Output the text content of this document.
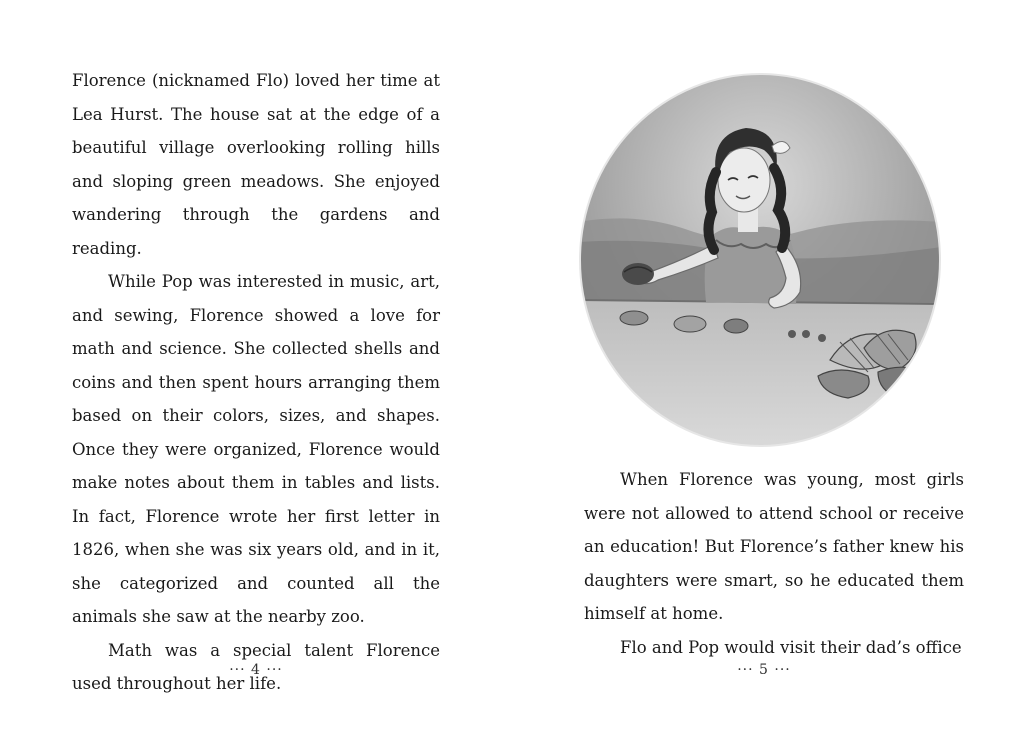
Florence (nicknamed Flo) loved her time at Lea Hurst. The house sat at the edge of a beautiful village overlooking rolling hills and sloping green meadows. She enjoyed wandering through the gardens and reading.

While Pop was interested in music, art, and sewing, Florence showed a love for math and science. She collected shells and coins and then spent hours arranging them based on their colors, sizes, and shapes. Once they were organized, Florence would make notes about them in tables and lists. In fact, Florence wrote her first letter in 1826, when she was six years old, and in it, she categorized and counted all the animals she saw at the nearby zoo.

Math was a special talent Florence used throughout her life.

··· 4 ···

When Florence was young, most girls were not allowed to attend school or receive an education! But Florence’s father knew his daughters were smart, so he educated them himself at home.

Flo and Pop would visit their dad’s office

··· 5 ···
